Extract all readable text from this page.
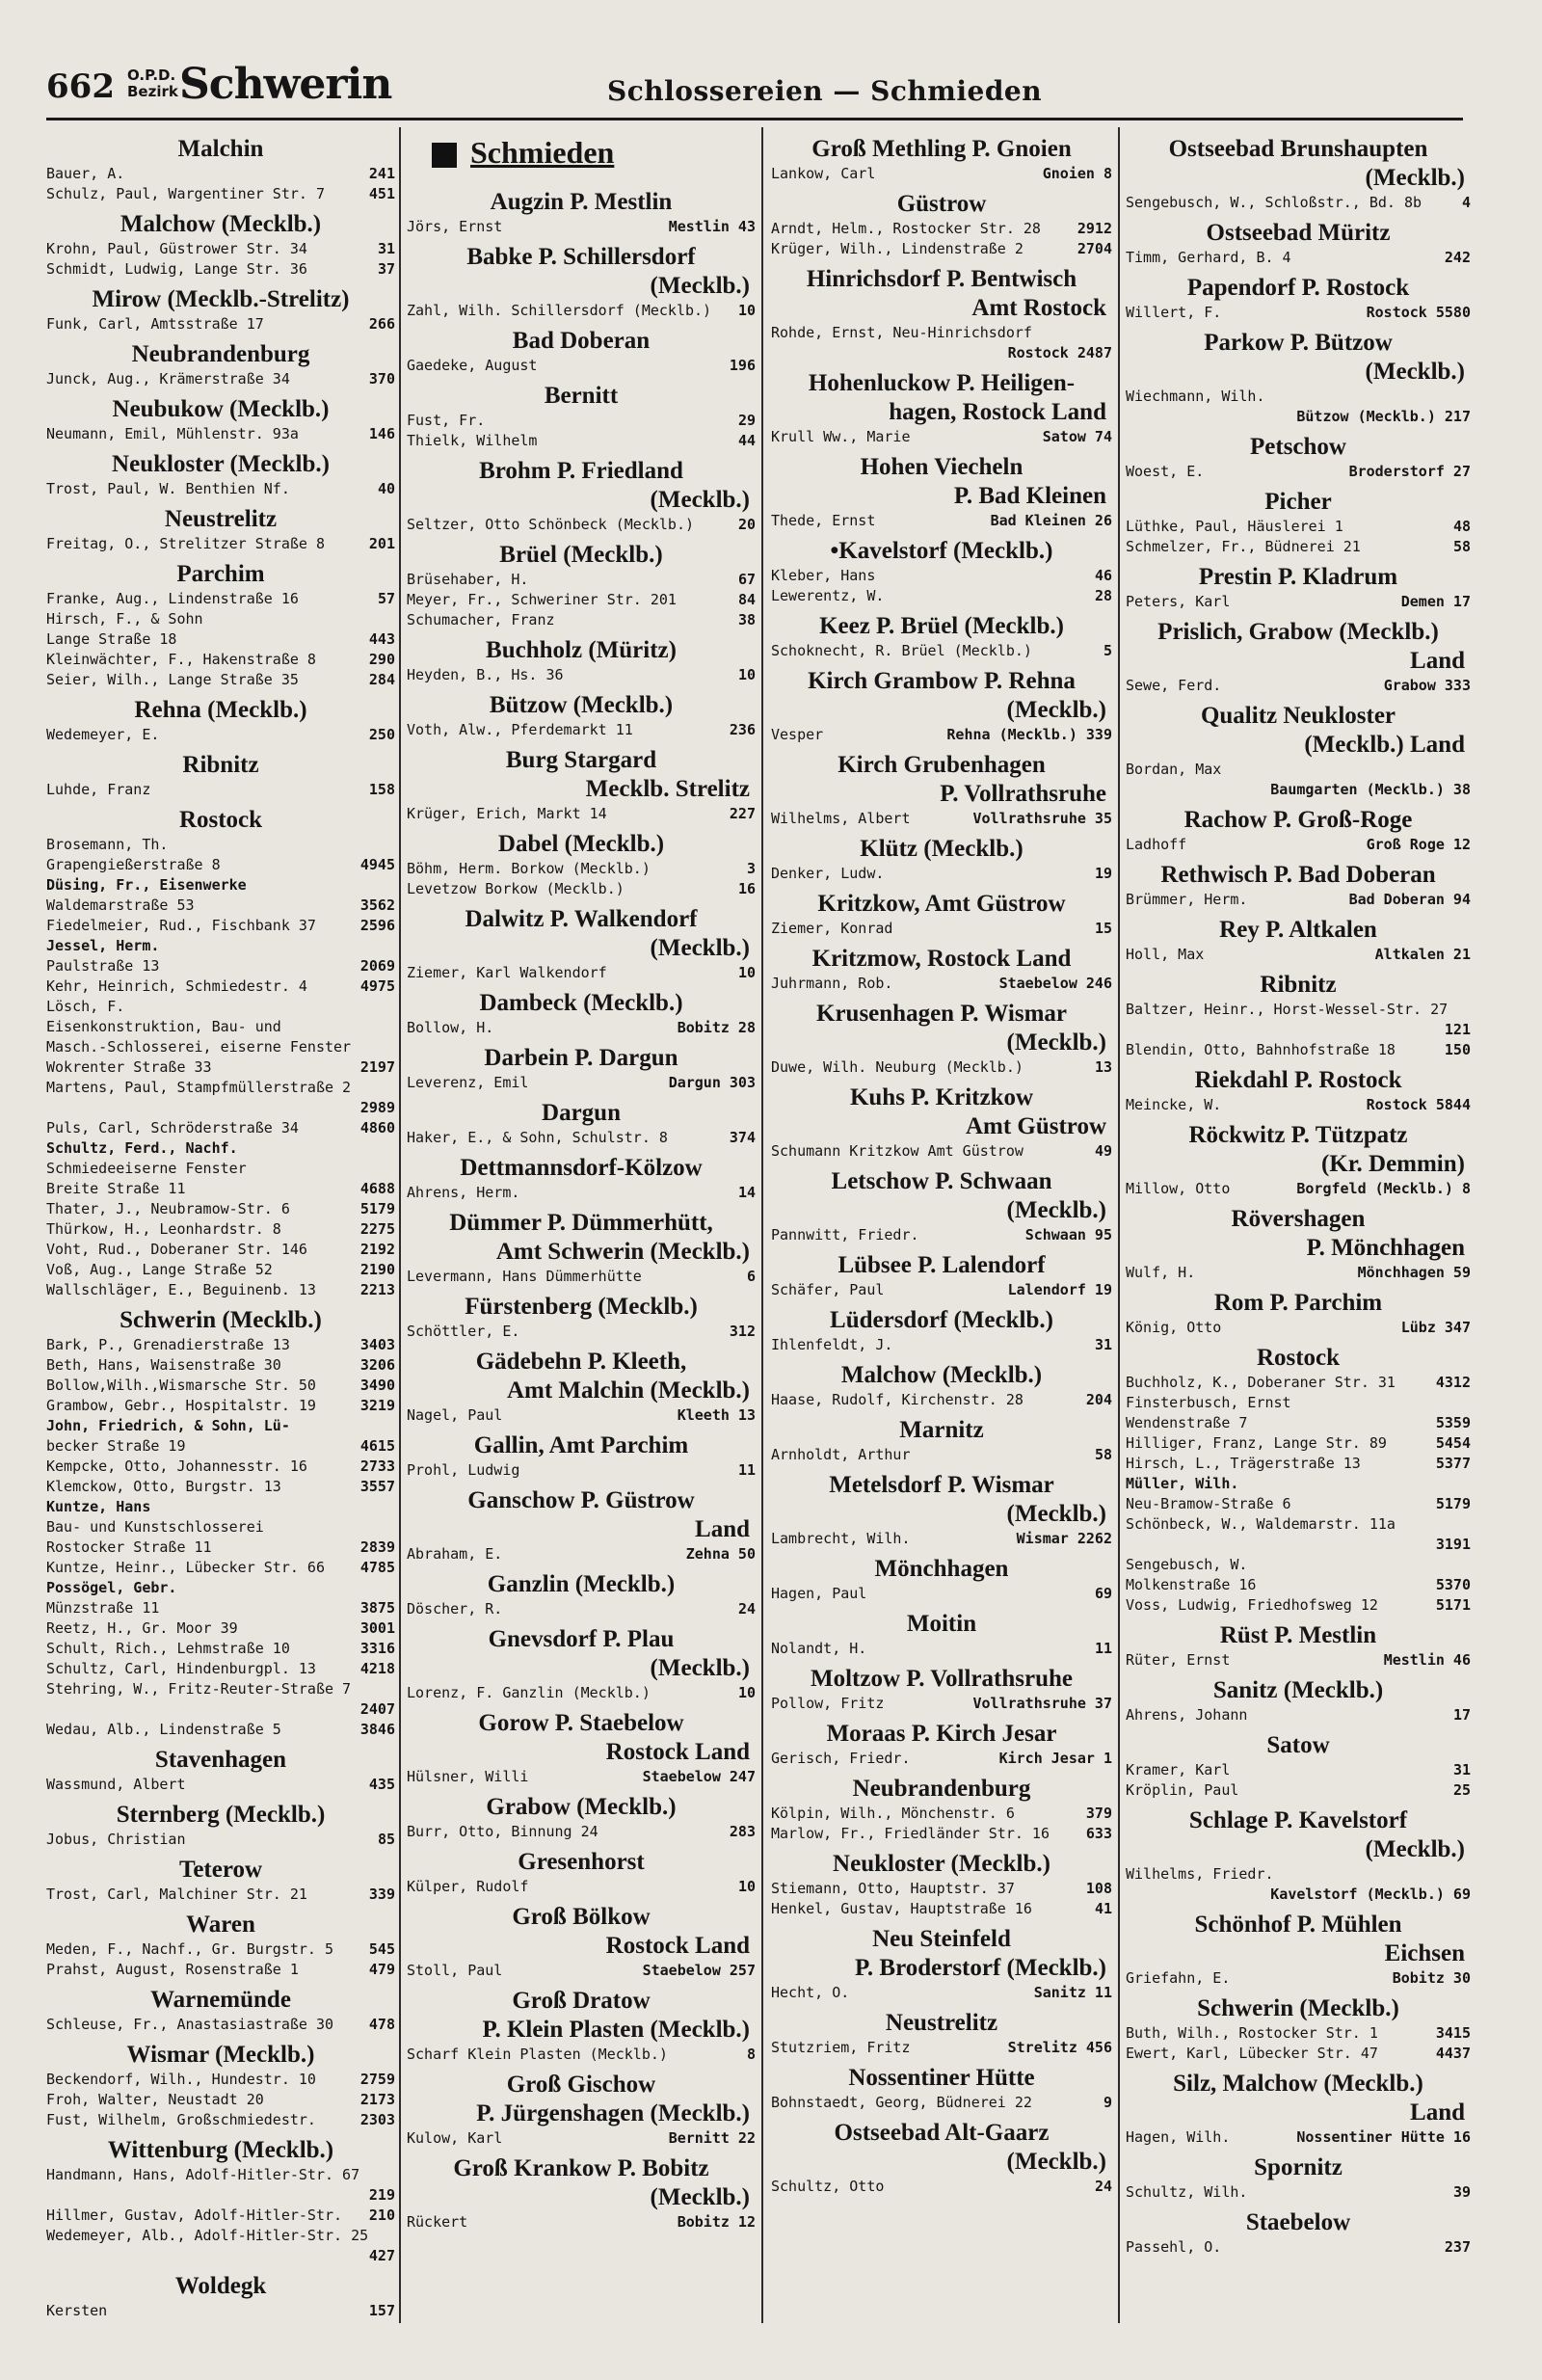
662 O.P.D.
Bezirk Schwerin	Schlossereien — Schmieden
Malchin
Bauer, A.	241
Schulz, Paul, Wargentiner Str. 7	451
Malchow (Mecklb.)
Krohn, Paul, Güstrower Str. 34	31
Schmidt, Ludwig, Lange Str. 36	37
Mirow (Mecklb.-Strelitz)
Funk, Carl, Amtsstraße 17	266
Neubrandenburg
Junck, Aug., Krämerstraße 34	370
Neubukow (Mecklb.)
Neumann, Emil, Mühlenstr. 93a	146
Neukloster (Mecklb.)
Trost, Paul, W. Benthien Nf.	40
Neustrelitz
Freitag, O., Strelitzer Straße 8	201
Parchim
Franke, Aug., Lindenstraße 16	57
Hirsch, F., & Sohn
Lange Straße 18	443
Kleinwächter, F., Hakenstraße 8	290
Seier, Wilh., Lange Straße 35	284
Rehna (Mecklb.)
Wedemeyer, E.	250
Ribnitz
Luhde, Franz	158
Rostock
Brosemann, Th.
Grapengießerstraße 8	4945
Düsing, Fr., Eisenwerke
Waldemarstraße 53	3562
Fiedelmeier, Rud., Fischbank 37	2596
Jessel, Herm.
Paulstraße 13	2069
Kehr, Heinrich, Schmiedestr. 4	4975
Lösch, F.
Eisenkonstruktion, Bau- und
Masch.-Schlosserei, eiserne Fenster
Wokrenter Straße 33	2197
Martens, Paul, Stampfmüllerstraße 2
2989
Puls, Carl, Schröderstraße 34	4860
Schultz, Ferd., Nachf.
Schmiedeeiserne Fenster
Breite Straße 11	4688
Thater, J., Neubramow-Str. 6	5179
Thürkow, H., Leonhardstr. 8	2275
Voht, Rud., Doberaner Str. 146	2192
Voß, Aug., Lange Straße 52	2190
Wallschläger, E., Beguinenb. 13	2213
Schwerin (Mecklb.)
Bark, P., Grenadierstraße 13	3403
Beth, Hans, Waisenstraße 30	3206
Bollow,Wilh.,Wismarsche Str. 50	3490
Grambow, Gebr., Hospitalstr. 19	3219
John, Friedrich, & Sohn, Lü-
becker Straße 19	4615
Kempcke, Otto, Johannesstr. 16	2733
Klemckow, Otto, Burgstr. 13	3557
Kuntze, Hans
Bau- und Kunstschlosserei
Rostocker Straße 11	2839
Kuntze, Heinr., Lübecker Str. 66 4785
Possögel, Gebr.
Münzstraße 11	3875
Reetz, H., Gr. Moor 39	3001
Schult, Rich., Lehmstraße 10	3316
Schultz, Carl, Hindenburgpl. 13	4218
Stehring, W., Fritz-Reuter-Straße 7
2407
Wedau, Alb., Lindenstraße 5	3846
Stavenhagen
Wassmund, Albert	435
Sternberg (Mecklb.)
Jobus, Christian	85
Teterow
Trost, Carl, Malchiner Str. 21	339
Waren
Meden, F., Nachf., Gr. Burgstr. 5 545
Prahst, August, Rosenstraße 1	479
Warnemünde
Schleuse, Fr., Anastasiastraße 30 478
Wismar (Mecklb.)
Beckendorf, Wilh., Hundestr. 10	2759
Froh, Walter, Neustadt 20	2173
Fust, Wilhelm, Großschmiedestr.	2303
Wittenburg (Mecklb.)
Handmann, Hans, Adolf-Hitler-Str. 67
219
Hillmer, Gustav, Adolf-Hitler-Str. 210
Wedemeyer, Alb., Adolf-Hitler-Str. 25
427
Woldegk
Kersten	157
Schmieden
Augzin P. Mestlin
Jörs, Ernst	Mestlin 43
Babke P. Schillersdorf
(Mecklb.)
Zahl, Wilh. Schillersdorf (Mecklb.) 10
Bad Doberan
Gaedeke, August	196
Bernitt
Fust, Fr.	29
Thielk, Wilhelm	44
Brohm P. Friedland
(Mecklb.)
Seltzer, Otto Schönbeck (Mecklb.)	20
Brüel (Mecklb.)
Brüsehaber, H.	67
Meyer, Fr., Schweriner Str. 201	84
Schumacher, Franz	38
Buchholz (Müritz)
Heyden, B., Hs. 36	10
Bützow (Mecklb.)
Voth, Alw., Pferdemarkt 11	236
Burg Stargard
Mecklb. Strelitz
Krüger, Erich, Markt 14	227
Dabel (Mecklb.)
Böhm, Herm. Borkow (Mecklb.)	3
Levetzow Borkow (Mecklb.)	16
Dalwitz P. Walkendorf
(Mecklb.)
Ziemer, Karl Walkendorf	10
Dambeck (Mecklb.)
Bollow, H.	Bobitz 28
Darbein P. Dargun
Leverenz, Emil	Dargun 303
Dargun
Haker, E., & Sohn, Schulstr. 8	374
Dettmannsdorf-Kölzow
Ahrens, Herm.	14
Dümmer P. Dümmerhütt,
Amt Schwerin (Mecklb.)
Levermann, Hans Dümmerhütte	6
Fürstenberg (Mecklb.)
Schöttler, E.	312
Gädebehn P. Kleeth,
Amt Malchin (Mecklb.)
Nagel, Paul	Kleeth 13
Gallin, Amt Parchim
Prohl, Ludwig	11
Ganschow P. Güstrow
Land
Abraham, E.	Zehna 50
Ganzlin (Mecklb.)
Döscher, R.	24
Gnevsdorf P. Plau
(Mecklb.)
Lorenz, F. Ganzlin (Mecklb.)	10
Gorow P. Staebelow
Rostock Land
Hülsner, Willi	Staebelow 247
Grabow (Mecklb.)
Burr, Otto, Binnung 24	283
Gresenhorst
Külper, Rudolf	10
Groß Bölkow
Rostock Land
Stoll, Paul	Staebelow 257
Groß Dratow
P. Klein Plasten (Mecklb.)
Scharf Klein Plasten (Mecklb.)	8
Groß Gischow
P. Jürgenshagen (Mecklb.)
Kulow, Karl	Bernitt 22
Groß Krankow P. Bobitz
(Mecklb.)
Rückert	Bobitz 12
Groß Methling P. Gnoien
Lankow, Carl	Gnoien 8
Güstrow
Arndt, Helm., Rostocker Str. 28	2912
Krüger, Wilh., Lindenstraße 2	2704
Hinrichsdorf P. Bentwisch
Amt Rostock
Rohde, Ernst, Neu-Hinrichsdorf
Rostock 2487
Hohenluckow P. Heiligen-
hagen, Rostock Land
Krull Ww., Marie	Satow 74
Hohen Viecheln
P. Bad Kleinen
Thede, Ernst	Bad Kleinen 26
•Kavelstorf (Mecklb.)
Kleber, Hans	46
Lewerentz, W.	28
Keez P. Brüel (Mecklb.)
Schoknecht, R. Brüel (Mecklb.)	5
Kirch Grambow P. Rehna
(Mecklb.)
Vesper	Rehna (Mecklb.) 339
Kirch Grubenhagen
P. Vollrathsruhe
Wilhelms, Albert	Vollrathsruhe 35
Klütz (Mecklb.)
Denker, Ludw.	19
Kritzkow, Amt Güstrow
Ziemer, Konrad	15
Kritzmow, Rostock Land
Juhrmann, Rob.	Staebelow 246
Krusenhagen P. Wismar
(Mecklb.)
Duwe, Wilh. Neuburg (Mecklb.)	13
Kuhs P. Kritzkow
Amt Güstrow
Schumann Kritzkow Amt Güstrow	49
Letschow P. Schwaan
(Mecklb.)
Pannwitt, Friedr.	Schwaan 95
Lübsee P. Lalendorf
Schäfer, Paul	Lalendorf 19
Lüdersdorf (Mecklb.)
Ihlenfeldt, J.	31
Malchow (Mecklb.)
Haase, Rudolf, Kirchenstr. 28	204
Marnitz
Arnholdt, Arthur	58
Metelsdorf P. Wismar
(Mecklb.)
Lambrecht, Wilh.	Wismar 2262
Mönchhagen
Hagen, Paul	69
Moitin
Nolandt, H.	11
Moltzow P. Vollrathsruhe
Pollow, Fritz	Vollrathsruhe 37
Moraas P. Kirch Jesar
Gerisch, Friedr.	Kirch Jesar 1
Neubrandenburg
Kölpin, Wilh., Mönchenstr. 6	379
Marlow, Fr., Friedländer Str. 16	633
Neukloster (Mecklb.)
Stiemann, Otto, Hauptstr. 37	108
Henkel, Gustav, Hauptstraße 16	41
Neu Steinfeld
P. Broderstorf (Mecklb.)
Hecht, O.	Sanitz 11
Neustrelitz
Stutzriem, Fritz	Strelitz 456
Nossentiner Hütte
Bohnstaedt, Georg, Büdnerei 22	9
Ostseebad Alt-Gaarz
(Mecklb.)
Schultz, Otto	24
Ostseebad Brunshaupten
(Mecklb.)
Sengebusch, W., Schloßstr., Bd. 8b	4
Ostseebad Müritz
Timm, Gerhard, B. 4	242
Papendorf P. Rostock
Willert, F.	Rostock 5580
Parkow P. Bützow
(Mecklb.)
Wiechmann, Wilh.
Bützow (Mecklb.) 217
Petschow
Woest, E.	Broderstorf 27
Picher
Lüthke, Paul, Häuslerei 1	48
Schmelzer, Fr., Büdnerei 21	58
Prestin P. Kladrum
Peters, Karl	Demen 17
Prislich, Grabow (Mecklb.)
Land
Sewe, Ferd.	Grabow 333
Qualitz Neukloster
(Mecklb.) Land
Bordan, Max
Baumgarten (Mecklb.) 38
Rachow P. Groß-Roge
Ladhoff	Groß Roge 12
Rethwisch P. Bad Doberan
Brümmer, Herm.	Bad Doberan 94
Rey P. Altkalen
Holl, Max	Altkalen 21
Ribnitz
Baltzer, Heinr., Horst-Wessel-Str. 27
121
Blendin, Otto, Bahnhofstraße 18	150
Riekdahl P. Rostock
Meincke, W.	Rostock 5844
Röckwitz P. Tützpatz
(Kr. Demmin)
Millow, Otto	Borgfeld (Mecklb.) 8
Rövershagen
P. Mönchhagen
Wulf, H.	Mönchhagen 59
Rom P. Parchim
König, Otto	Lübz 347
Rostock
Buchholz, K., Doberaner Str. 31	4312
Finsterbusch, Ernst
Wendenstraße 7	5359
Hilliger, Franz, Lange Str. 89	5454
Hirsch, L., Trägerstraße 13	5377
Müller, Wilh.
Neu-Bramow-Straße 6	5179
Schönbeck, W., Waldemarstr. 11a
3191
Sengebusch, W.
Molkenstraße 16	5370
Voss, Ludwig, Friedhofsweg 12	5171
Rüst P. Mestlin
Rüter, Ernst	Mestlin 46
Sanitz (Mecklb.)
Ahrens, Johann	17
Satow
Kramer, Karl	31
Kröplin, Paul	25
Schlage P. Kavelstorf
(Mecklb.)
Wilhelms, Friedr.
Kavelstorf (Mecklb.) 69
Schönhof P. Mühlen
Eichsen
Griefahn, E.	Bobitz 30
Schwerin (Mecklb.)
Buth, Wilh., Rostocker Str. 1	3415
Ewert, Karl, Lübecker Str. 47	4437
Silz, Malchow (Mecklb.)
Land
Hagen, Wilh.	Nossentiner Hütte 16
Spornitz
Schultz, Wilh.	39
Staebelow
Passehl, O.	237
